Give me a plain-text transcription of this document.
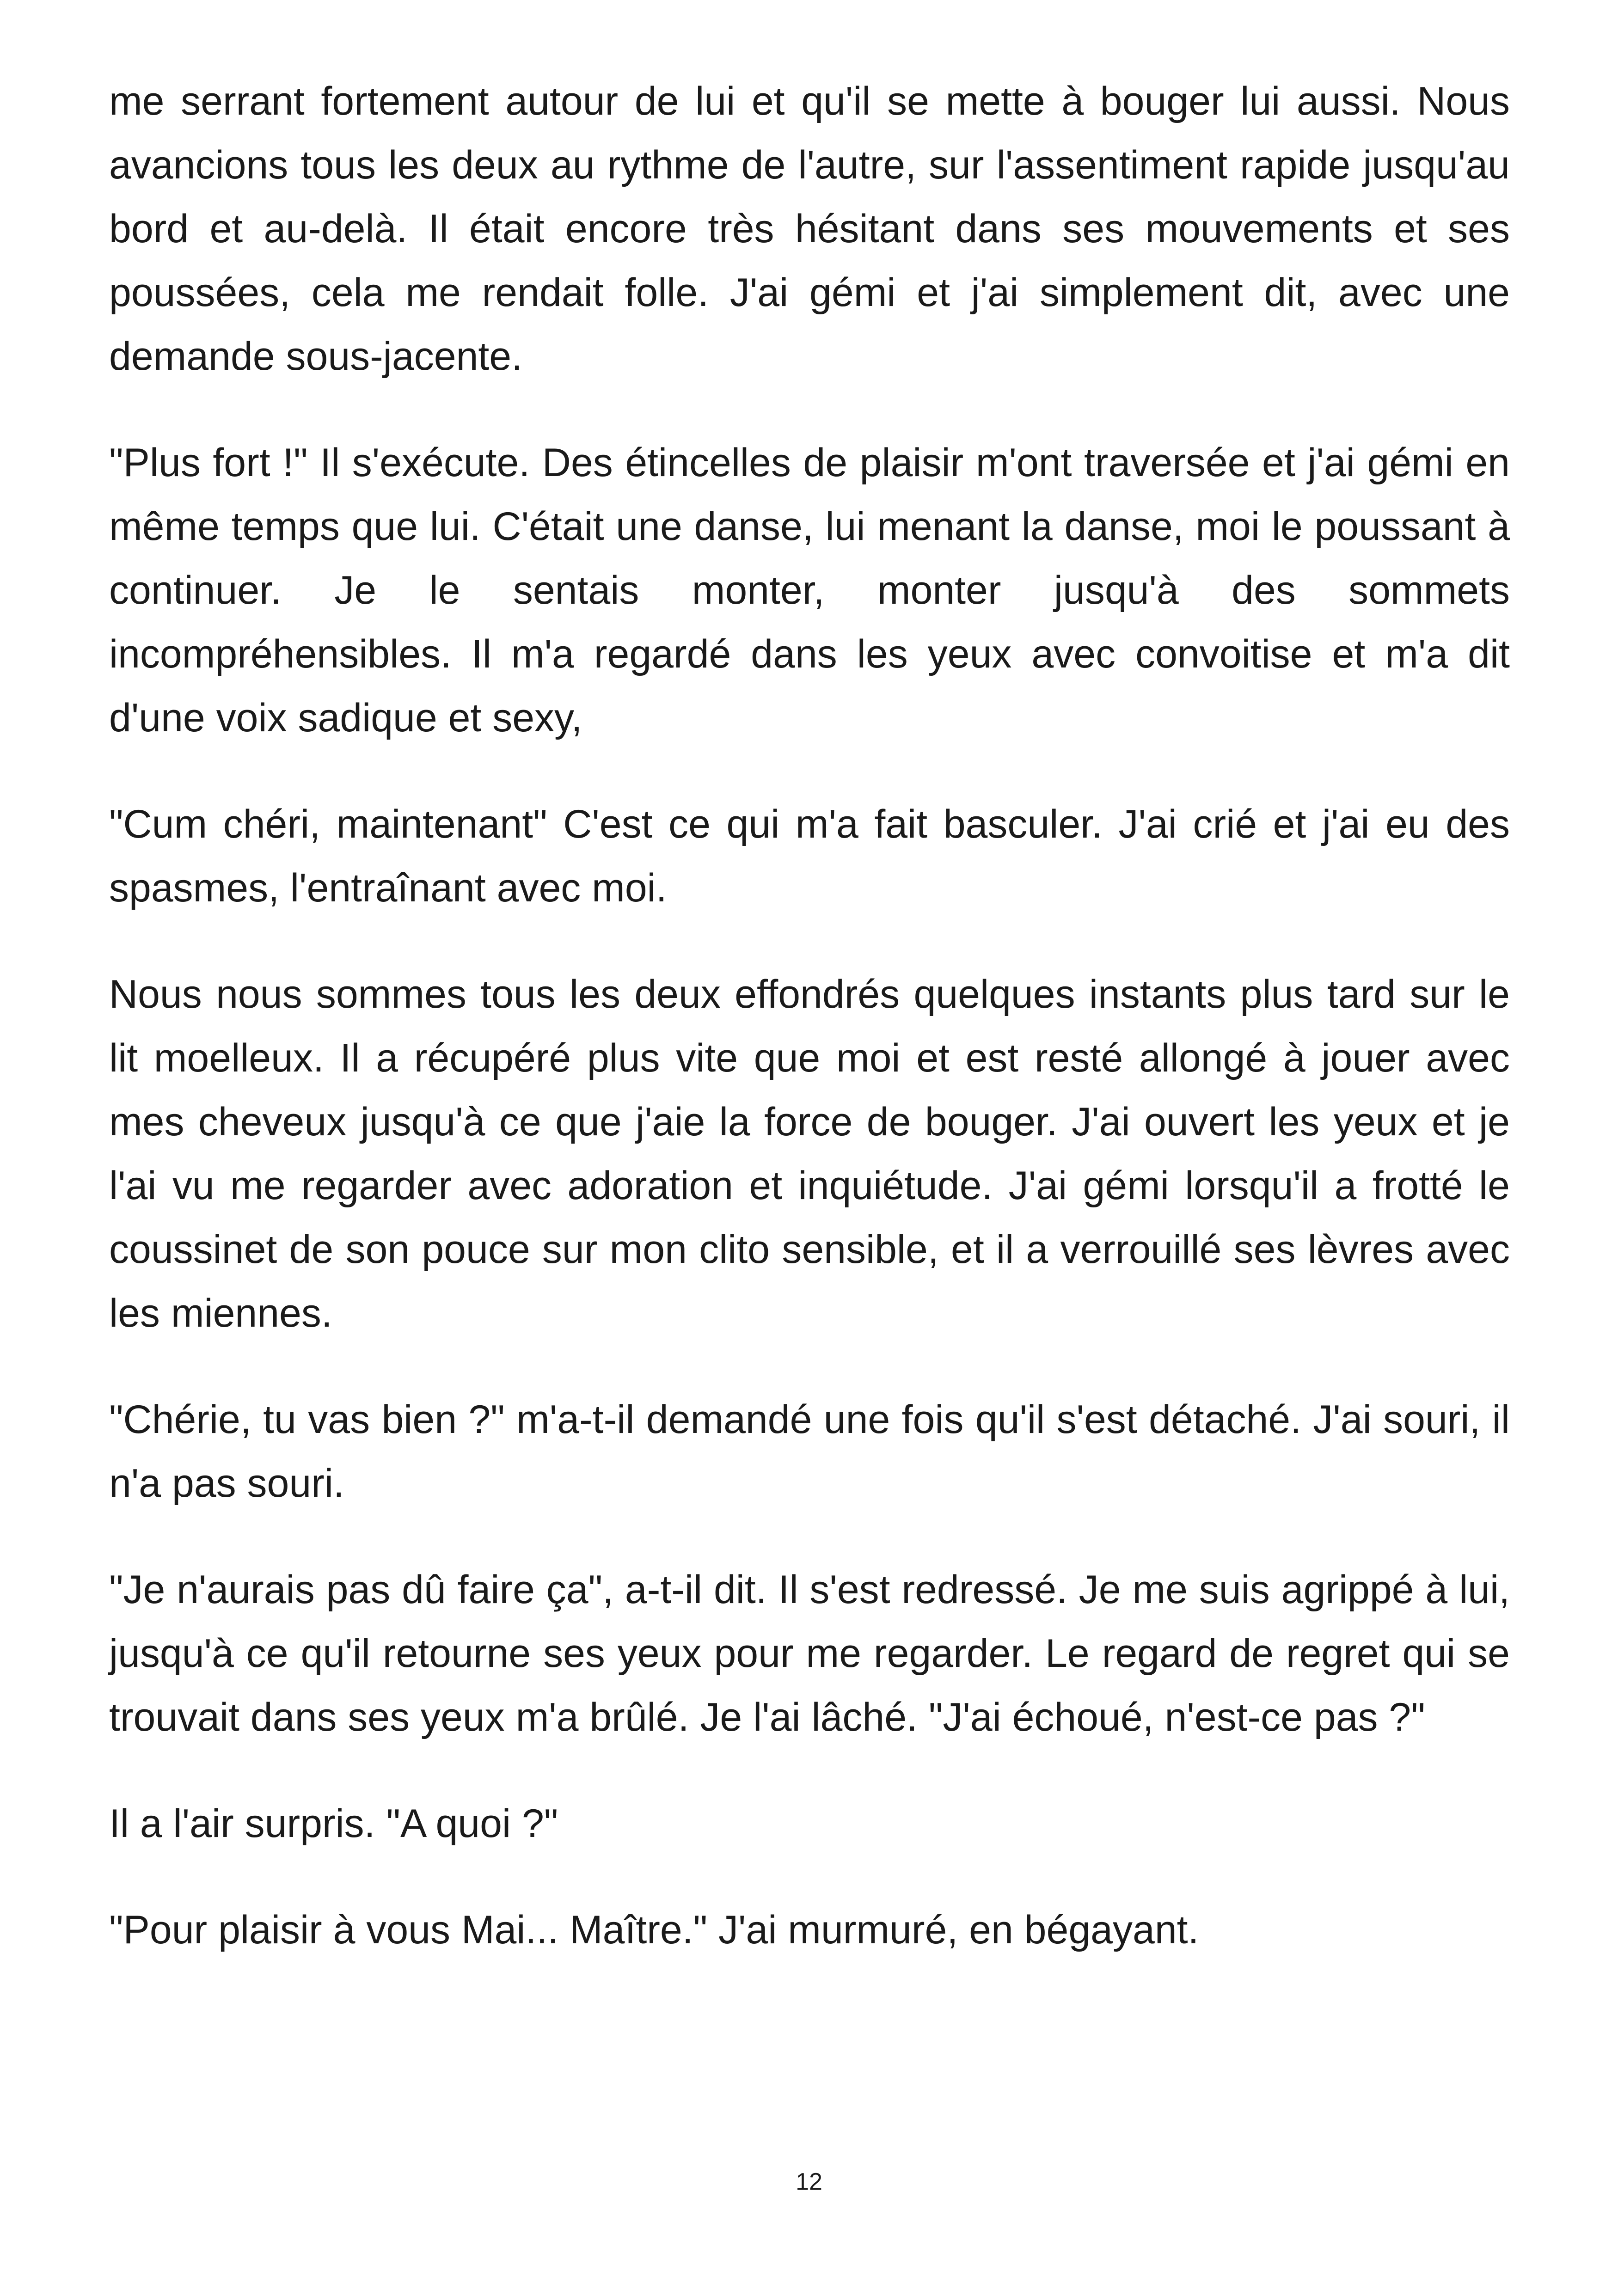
me serrant fortement autour de lui et qu'il se mette à bouger lui aussi. Nous avancions tous les deux au rythme de l'autre, sur l'assentiment rapide jusqu'au bord et au-delà. Il était encore très hésitant dans ses mouvements et ses poussées, cela me rendait folle. J'ai gémi et j'ai simplement dit, avec une demande sous-jacente.

"Plus fort !" Il s'exécute. Des étincelles de plaisir m'ont traversée et j'ai gémi en même temps que lui. C'était une danse, lui menant la danse, moi le poussant à continuer. Je le sentais monter, monter jusqu'à des sommets incompréhensibles. Il m'a regardé dans les yeux avec convoitise et m'a dit d'une voix sadique et sexy,

"Cum chéri, maintenant" C'est ce qui m'a fait basculer. J'ai crié et j'ai eu des spasmes, l'entraînant avec moi.

Nous nous sommes tous les deux effondrés quelques instants plus tard sur le lit moelleux. Il a récupéré plus vite que moi et est resté allongé à jouer avec mes cheveux jusqu'à ce que j'aie la force de bouger. J'ai ouvert les yeux et je l'ai vu me regarder avec adoration et inquiétude. J'ai gémi lorsqu'il a frotté le coussinet de son pouce sur mon clito sensible, et il a verrouillé ses lèvres avec les miennes.

"Chérie, tu vas bien ?" m'a-t-il demandé une fois qu'il s'est détaché. J'ai souri, il n'a pas souri.

"Je n'aurais pas dû faire ça", a-t-il dit. Il s'est redressé. Je me suis agrippé à lui, jusqu'à ce qu'il retourne ses yeux pour me regarder. Le regard de regret qui se trouvait dans ses yeux m'a brûlé. Je l'ai lâché. "J'ai échoué, n'est-ce pas ?"

Il a l'air surpris. "A quoi ?"

"Pour plaisir à vous Mai... Maître." J'ai murmuré, en bégayant.

12
